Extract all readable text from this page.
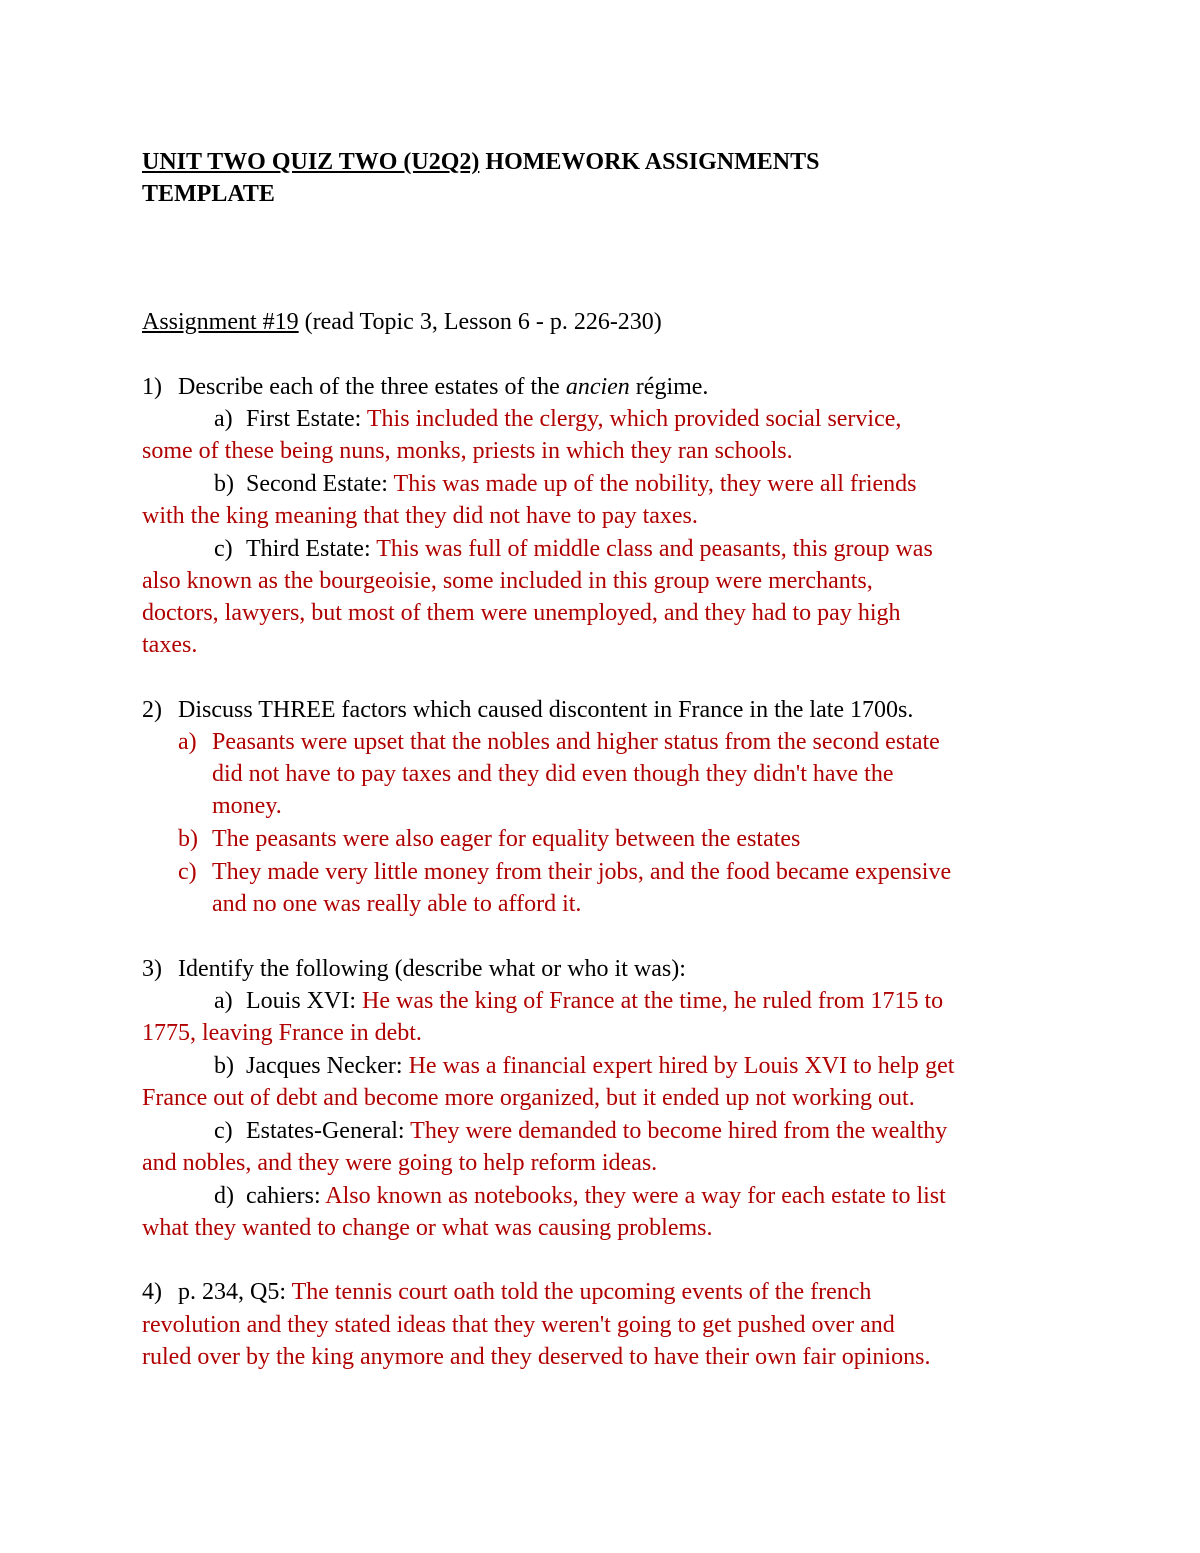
UNIT TWO QUIZ TWO (U2Q2) HOMEWORK ASSIGNMENTS
TEMPLATE
Assignment #19 (read Topic 3, Lesson 6 - p. 226-230)
1) Describe each of the three estates of the ancien régime.
a) First Estate: This included the clergy, which provided social service,
some of these being nuns, monks, priests in which they ran schools.
b) Second Estate: This was made up of the nobility, they were all friends
with the king meaning that they did not have to pay taxes.
c) Third Estate: This was full of middle class and peasants, this group was
also known as the bourgeoisie, some included in this group were merchants,
doctors, lawyers, but most of them were unemployed, and they had to pay high
taxes.
2) Discuss THREE factors which caused discontent in France in the late 1700s.
a) Peasants were upset that the nobles and higher status from the second estate
did not have to pay taxes and they did even though they didn't have the
money.
b) The peasants were also eager for equality between the estates
c) They made very little money from their jobs, and the food became expensive
and no one was really able to afford it.
3) Identify the following (describe what or who it was):
a) Louis XVI: He was the king of France at the time, he ruled from 1715 to
1775, leaving France in debt.
b) Jacques Necker: He was a financial expert hired by Louis XVI to help get
France out of debt and become more organized, but it ended up not working out.
c) Estates-General: They were demanded to become hired from the wealthy
and nobles, and they were going to help reform ideas.
d) cahiers: Also known as notebooks, they were a way for each estate to list
what they wanted to change or what was causing problems.
4) p. 234, Q5: The tennis court oath told the upcoming events of the french
revolution and they stated ideas that they weren't going to get pushed over and
ruled over by the king anymore and they deserved to have their own fair opinions.
